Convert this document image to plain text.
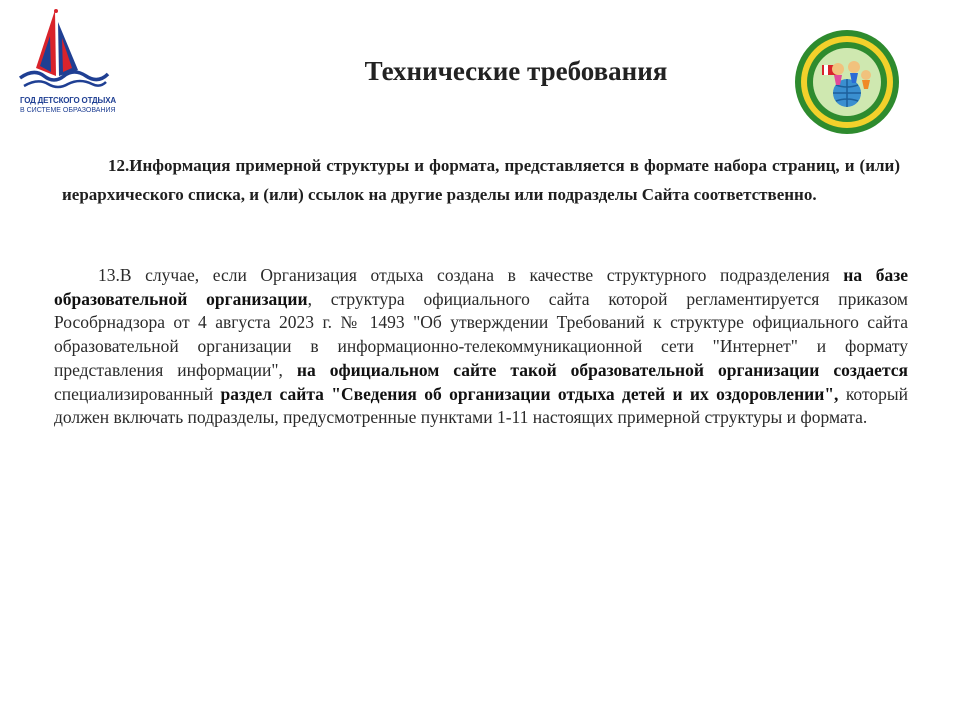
ГОД ДЕТСКОГО ОТДЫХА
В СИСТЕМЕ ОБРАЗОВАНИЯ
Технические требования

12.Информация примерной структуры и формата, представляется в формате набора страниц, и (или) иерархического списка, и (или) ссылок на другие разделы или подразделы Сайта соответственно.

13.В случае, если Организация отдыха создана в качестве структурного подразделения на базе образовательной организации, структура официального сайта которой регламентируется приказом Рособрнадзора от 4 августа 2023 г. № 1493 "Об утверждении Требований к структуре официального сайта образовательной организации в информационно-телекоммуникационной сети "Интернет" и формату представления информации", на официальном сайте такой образовательной организации создается специализированный раздел сайта "Сведения об организации отдыха детей и их оздоровлении", который должен включать подразделы, предусмотренные пунктами 1-11 настоящих примерной структуры и формата.
